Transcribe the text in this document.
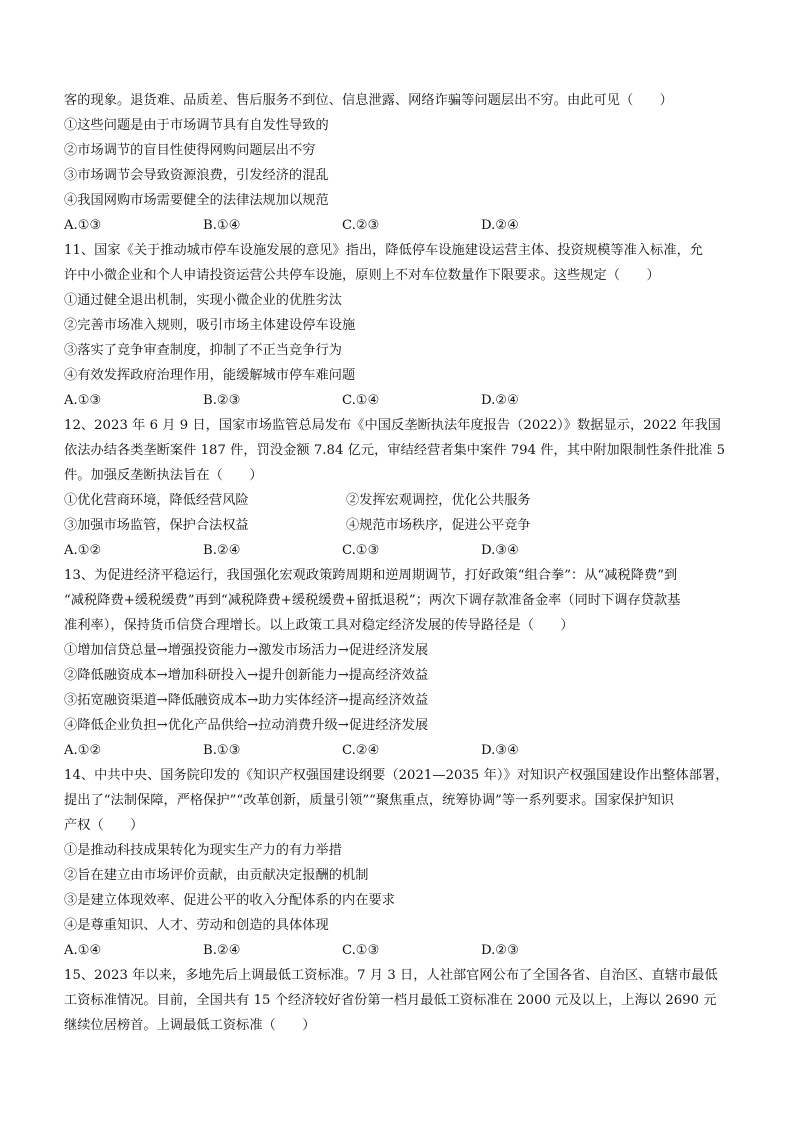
客的现象。退货难、品质差、售后服务不到位、信息泄露、网络诈骗等问题层出不穷。由此可见（　　）
①这些问题是由于市场调节具有自发性导致的
②市场调节的盲目性使得网购问题层出不穷
③市场调节会导致资源浪费，引发经济的混乱
④我国网购市场需要健全的法律法规加以规范
A.①③	B.①④	C.②③	D.②④
11、国家《关于推动城市停车设施发展的意见》指出，降低停车设施建设运营主体、投资规模等准入标准，允
许中小微企业和个人申请投资运营公共停车设施，原则上不对车位数量作下限要求。这些规定（　　）
①通过健全退出机制，实现小微企业的优胜劣汰
②完善市场准入规则，吸引市场主体建设停车设施
③落实了竞争审查制度，抑制了不正当竞争行为
④有效发挥政府治理作用，能缓解城市停车难问题
A.①③	B.②③	C.①④	D.②④
12、2023 年 6 月 9 日，国家市场监管总局发布《中国反垄断执法年度报告（2022）》数据显示，2022 年我国
依法办结各类垄断案件 187 件，罚没金额 7.84 亿元，审结经营者集中案件 794 件，其中附加限制性条件批准 5
件。加强反垄断执法旨在（　　）
①优化营商环境，降低经营风险	②发挥宏观调控，优化公共服务
③加强市场监管，保护合法权益	④规范市场秩序，促进公平竞争
A.①②	B.②④	C.①③	D.③④
13、为促进经济平稳运行，我国强化宏观政策跨周期和逆周期调节，打好政策“组合拳”：从“减税降费”到
“减税降费+缓税缓费”再到“减税降费+缓税缓费+留抵退税”；两次下调存款准备金率（同时下调存贷款基
准利率），保持货币信贷合理增长。以上政策工具对稳定经济发展的传导路径是（　　）
①增加信贷总量→增强投资能力→激发市场活力→促进经济发展
②降低融资成本→增加科研投入→提升创新能力→提高经济效益
③拓宽融资渠道→降低融资成本→助力实体经济→提高经济效益
④降低企业负担→优化产品供给→拉动消费升级→促进经济发展
A.①②	B.①③	C.②④	D.③④
14、中共中央、国务院印发的《知识产权强国建设纲要（2021—2035 年）》对知识产权强国建设作出整体部署，
提出了“法制保障，严格保护”“改革创新，质量引领”“聚焦重点，统筹协调”等一系列要求。国家保护知识
产权（　　）
①是推动科技成果转化为现实生产力的有力举措
②旨在建立由市场评价贡献，由贡献决定报酬的机制
③是建立体现效率、促进公平的收入分配体系的内在要求
④是尊重知识、人才、劳动和创造的具体体现
A.①④	B.②④	C.①③	D.②③
15、2023 年以来，多地先后上调最低工资标准。7 月 3 日，人社部官网公布了全国各省、自治区、直辖市最低
工资标准情况。目前，全国共有 15 个经济较好省份第一档月最低工资标准在 2000 元及以上，上海以 2690 元
继续位居榜首。上调最低工资标准（　　）
